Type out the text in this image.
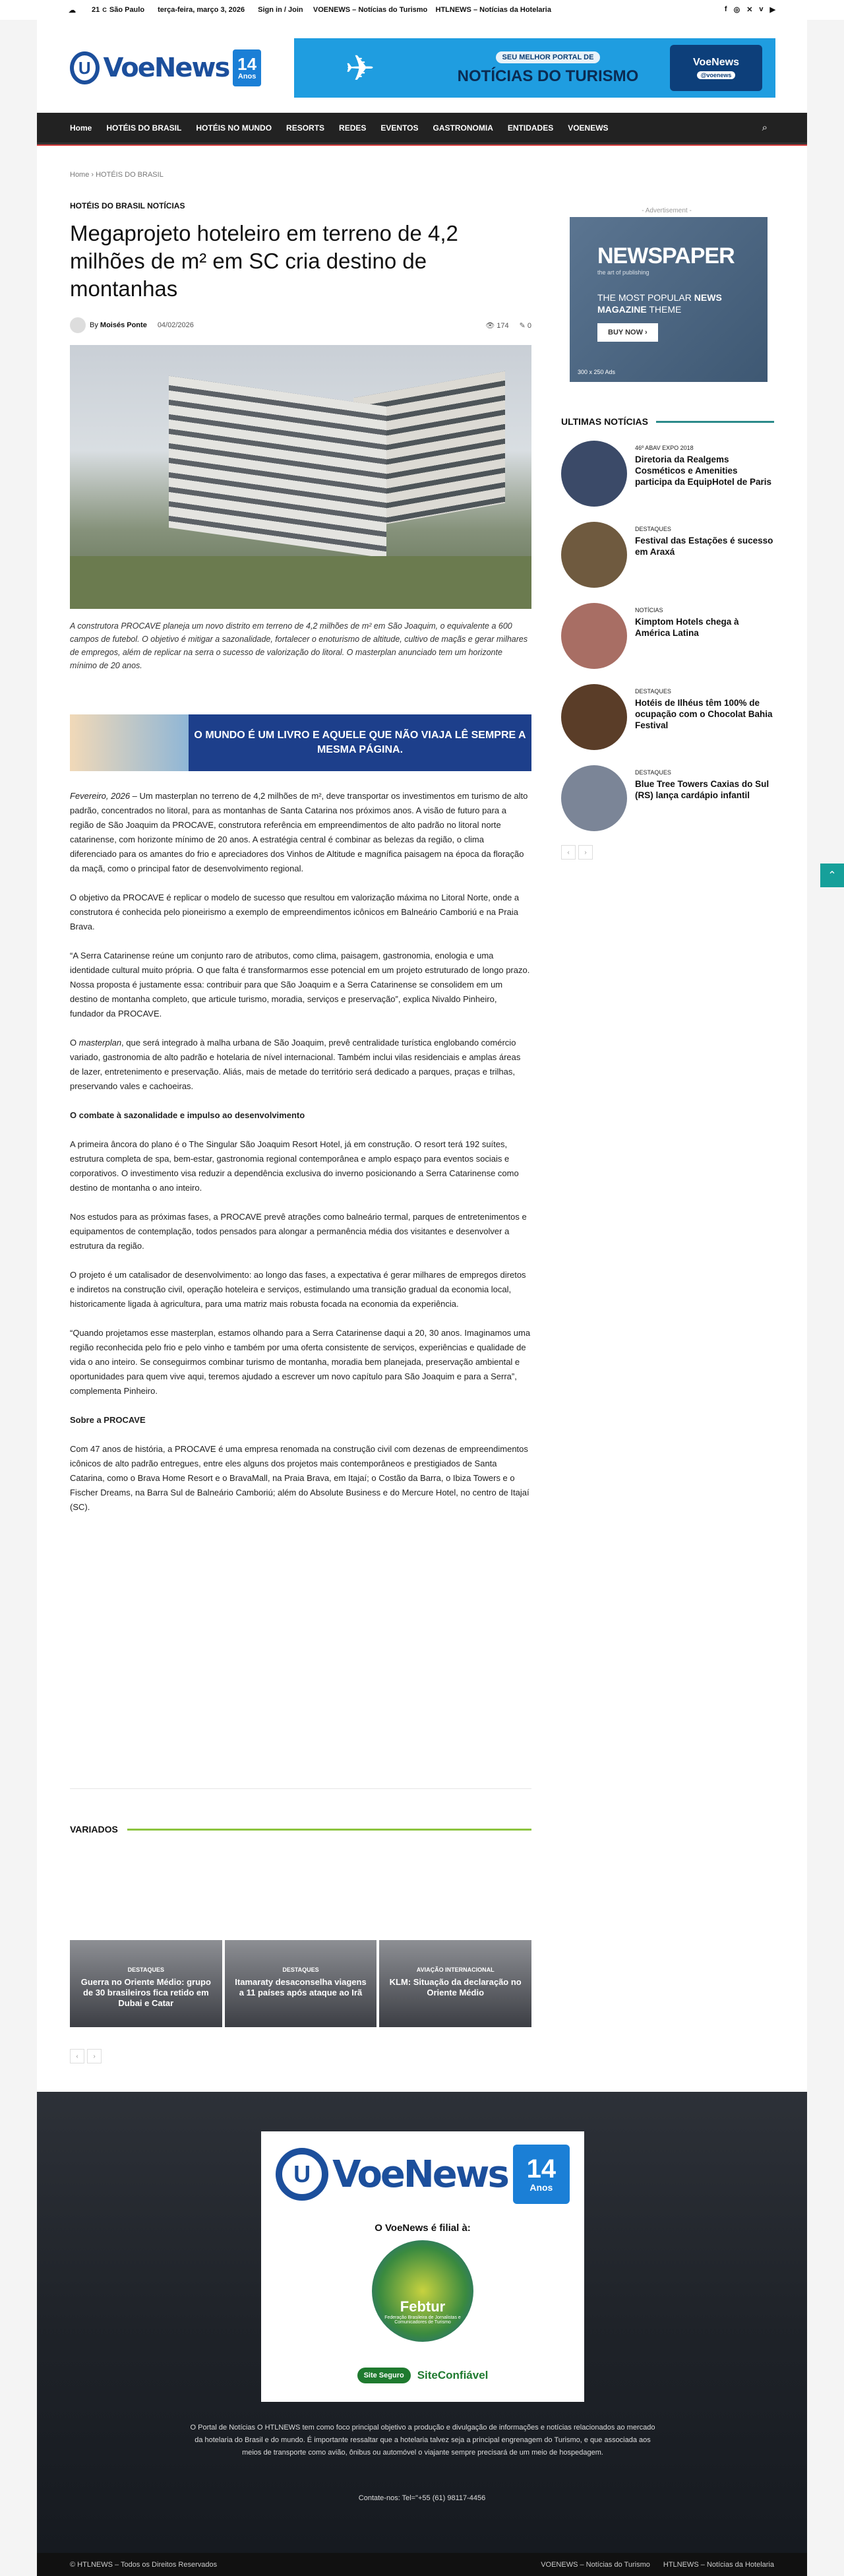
☁ 21 C São Paulo terça-feira, março 3, 2026 Sign in / Join
VOENEWS – Notícias do Turismo
HTLNEWS – Notícias da Hotelaria	f ◎ ✕ v ▶
U VoeNews 14
Anos	✈	SEU MELHOR PORTAL DE
NOTÍCIAS DO TURISMO
VoeNews
@voenews
Home HOTÉIS DO BRASIL HOTÉIS NO MUNDO RESORTS REDES EVENTOS GASTRONOMIA ENTIDADES VOENEWS	⌕
Home › HOTÉIS DO BRASIL
HOTÉIS DO BRASIL NOTÍCIAS
Megaprojeto hoteleiro em terreno de 4,2 milhões de m² em SC cria destino de montanhas
By
Moisés Ponte 04/02/2026	👁 174 ✎ 0

A construtora PROCAVE planeja um novo distrito em terreno de 4,2 milhões de m² em São Joaquim, o equivalente a 600 campos de futebol. O objetivo é mitigar a sazonalidade, fortalecer o enoturismo de altitude, cultivo de maçãs e gerar milhares de empregos, além de replicar na serra o sucesso de valorização do litoral. O masterplan anunciado tem um horizonte mínimo de 20 anos.

O MUNDO É UM LIVRO E AQUELE QUE NÃO VIAJA LÊ SEMPRE A MESMA PÁGINA.

Fevereiro, 2026 – Um masterplan no terreno de 4,2 milhões de m², deve transportar os investimentos em turismo de alto padrão, concentrados no litoral, para as montanhas de Santa Catarina nos próximos anos. A visão de futuro para a região de São Joaquim da PROCAVE, construtora referência em empreendimentos de alto padrão no litoral norte catarinense, com horizonte mínimo de 20 anos. A estratégia central é combinar as belezas da região, o clima diferenciado para os amantes do frio e apreciadores dos Vinhos de Altitude e magnífica paisagem na época da floração da maçã, como o principal fator de desenvolvimento regional.

O objetivo da PROCAVE é replicar o modelo de sucesso que resultou em valorização máxima no Litoral Norte, onde a construtora é conhecida pelo pioneirismo a exemplo de empreendimentos icônicos em Balneário Camboriú e na Praia Brava.

“A Serra Catarinense reúne um conjunto raro de atributos, como clima, paisagem, gastronomia, enologia e uma identidade cultural muito própria. O que falta é transformarmos esse potencial em um projeto estruturado de longo prazo. Nossa proposta é justamente essa: contribuir para que São Joaquim e a Serra Catarinense se consolidem em um destino de montanha completo, que articule turismo, moradia, serviços e preservação”, explica Nivaldo Pinheiro, fundador da PROCAVE.

O masterplan, que será integrado à malha urbana de São Joaquim, prevê centralidade turística englobando comércio variado, gastronomia de alto padrão e hotelaria de nível internacional. Também inclui vilas residenciais e amplas áreas de lazer, entretenimento e preservação. Aliás, mais de metade do território será dedicado a parques, praças e trilhas, preservando vales e cachoeiras.

O combate à sazonalidade e impulso ao desenvolvimento

A primeira âncora do plano é o The Singular São Joaquim Resort Hotel, já em construção. O resort terá 192 suítes, estrutura completa de spa, bem-estar, gastronomia regional contemporânea e amplo espaço para eventos sociais e corporativos. O investimento visa reduzir a dependência exclusiva do inverno posicionando a Serra Catarinense como destino de montanha o ano inteiro.

Nos estudos para as próximas fases, a PROCAVE prevê atrações como balneário termal, parques de entretenimentos e equipamentos de contemplação, todos pensados para alongar a permanência média dos visitantes e desenvolver a estrutura da região.

O projeto é um catalisador de desenvolvimento: ao longo das fases, a expectativa é gerar milhares de empregos diretos e indiretos na construção civil, operação hoteleira e serviços, estimulando uma transição gradual da economia local, historicamente ligada à agricultura, para uma matriz mais robusta focada na economia da experiência.

“Quando projetamos esse masterplan, estamos olhando para a Serra Catarinense daqui a 20, 30 anos. Imaginamos uma região reconhecida pelo frio e pelo vinho e também por uma oferta consistente de serviços, experiências e qualidade de vida o ano inteiro. Se conseguirmos combinar turismo de montanha, moradia bem planejada, preservação ambiental e oportunidades para quem vive aqui, teremos ajudado a escrever um novo capítulo para São Joaquim e para a Serra”, complementa Pinheiro.

Sobre a PROCAVE

Com 47 anos de história, a PROCAVE é uma empresa renomada na construção civil com dezenas de empreendimentos icônicos de alto padrão entregues, entre eles alguns dos projetos mais contemporâneos e prestigiados de Santa Catarina, como o Brava Home Resort e o BravaMall, na Praia Brava, em Itajaí; o Costão da Barra, o Ibiza Towers e o Fischer Dreams, na Barra Sul de Balneário Camboriú; além do Absolute Business e do Mercure Hotel, no centro de Itajaí (SC).

VARIADOS
DESTAQUES
Guerra no Oriente Médio: grupo de 30 brasileiros fica retido em Dubai e Catar
DESTAQUES
Itamaraty desaconselha viagens a 11 países após ataque ao Irã
AVIAÇÃO INTERNACIONAL
KLM: Situação da declaração no Oriente Médio
‹	›
- Advertisement -
NEWSPAPER
the art of publishing
THE MOST POPULAR NEWS
MAGAZINE THEME
BUY NOW ›
300 x 250 Ads
ULTIMAS NOTÍCIAS
46º ABAV EXPO 2018
Diretoria da Realgems Cosméticos e Amenities participa da EquipHotel de Paris
DESTAQUES
Festival das Estações é sucesso em Araxá
NOTÍCIAS
Kimptom Hotels chega à América Latina
DESTAQUES
Hotéis de Ilhéus têm 100% de ocupação com o Chocolat Bahia Festival
DESTAQUES
Blue Tree Towers Caxias do Sul (RS) lança cardápio infantil
‹	›
⌃
U VoeNews 14
Anos
O VoeNews é filial à:
Febtur
Federação Brasileira de Jornalistas e Comunicadores de Turismo
Site Seguro	SiteConfiável

O Portal de Notícias O HTLNEWS tem como foco principal objetivo a produção e divulgação de informações e notícias relacionados ao mercado da hotelaria do Brasil e do mundo. É importante ressaltar que a hotelaria talvez seja a principal engrenagem do Turismo, e que associada aos meios de transporte como avião, ônibus ou automóvel o viajante sempre precisará de um meio de hospedagem.

Contate-nos: Tel="+55 (61) 98117-4456
© HTLNEWS – Todos os Direitos Reservados	VOENEWS – Notícias do Turismo HTLNEWS – Notícias da Hotelaria
